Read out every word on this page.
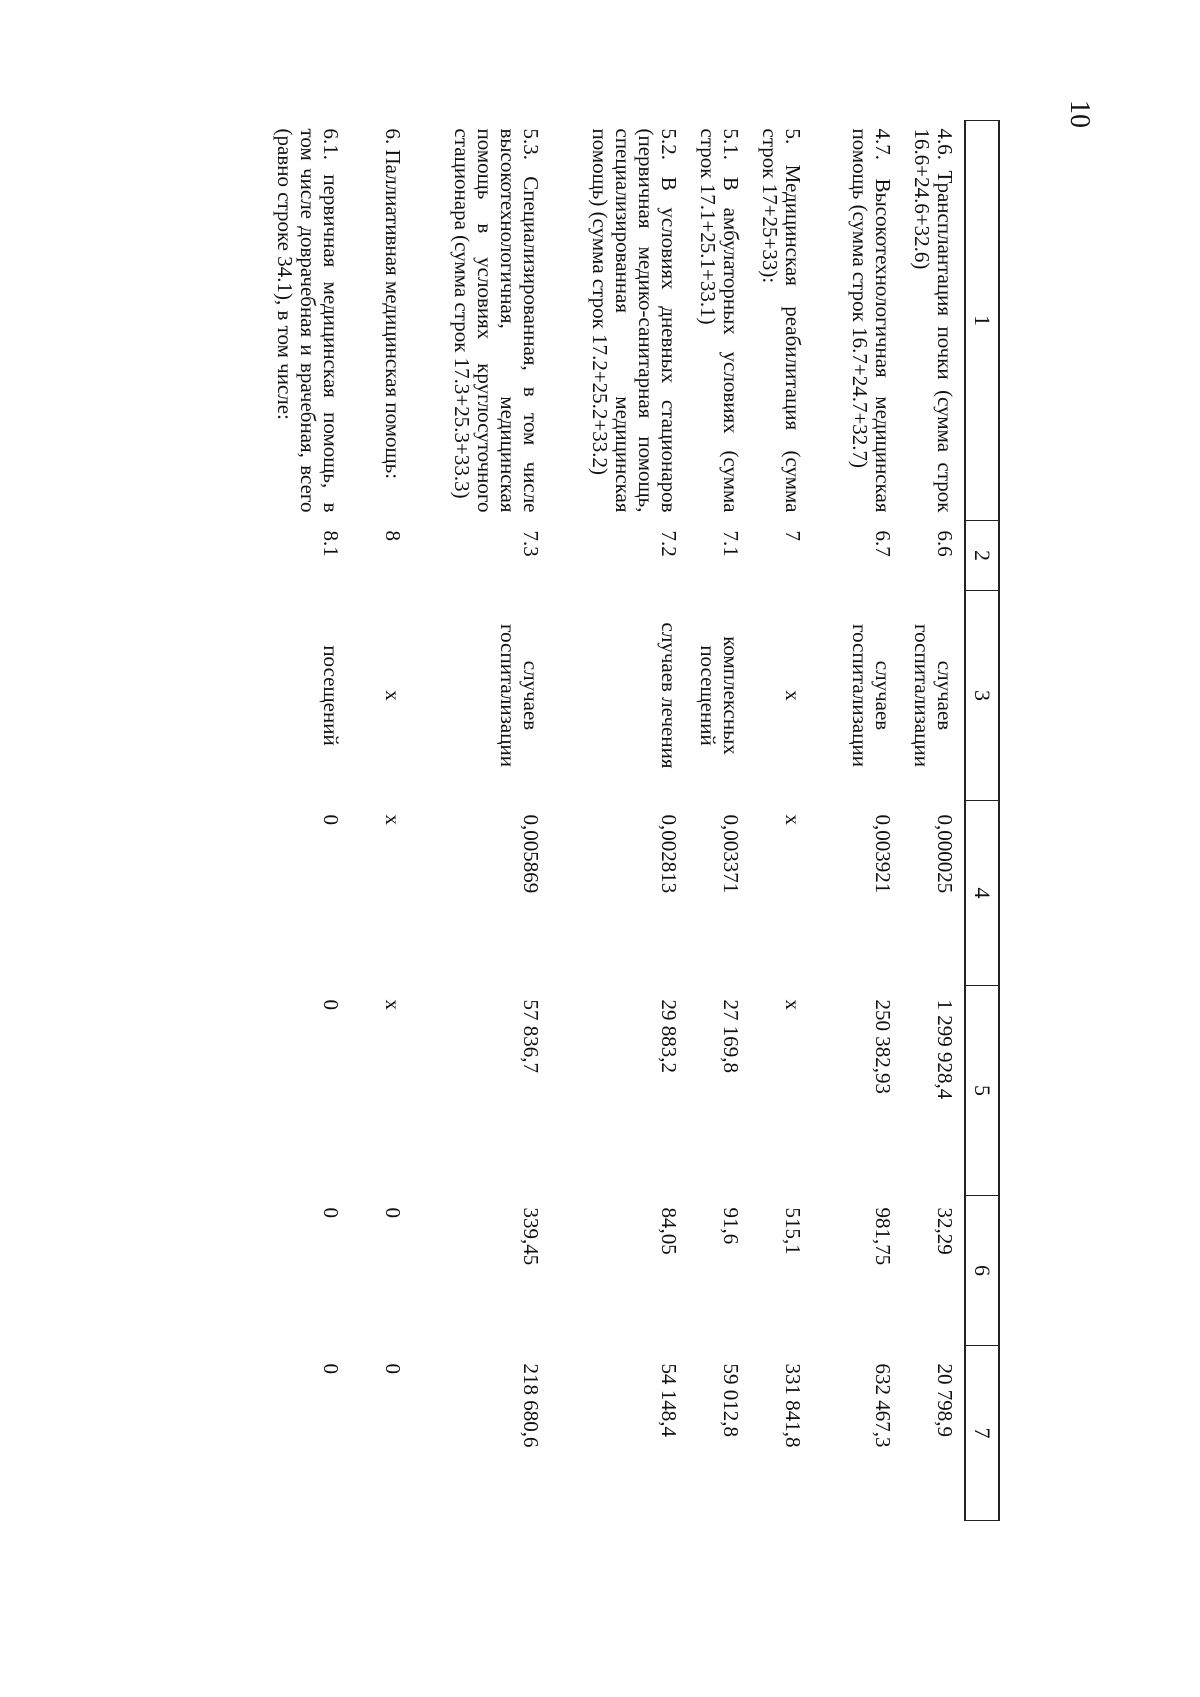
10
1	2	3	4	5	6	7
4.6. Трансплантация почки (сумма строк 16.6+24.6+32.6)	6.6	случаев госпитализации	0,000025	1 299 928,4	32,29	20 798,9
4.7. Высокотехнологичная медицинская помощь (сумма строк 16.7+24.7+32.7)	6.7	случаев госпитализации	0,003921	250 382,93	981,75	632 467,3
5. Медицинская реабилитация (сумма строк 17+25+33):	7	х	х	х	515,1	331 841,8
5.1. В амбулаторных условиях (сумма строк 17.1+25.1+33.1)	7.1	комплексных посещений	0,003371	27 169,8	91,6	59 012,8
5.2. В условиях дневных стационаров (первичная медико-санитарная помощь, специализированная медицинская помощь) (сумма строк 17.2+25.2+33.2)	7.2	случаев лечения	0,002813	29 883,2	84,05	54 148,4
5.3. Специализированная, в том числе высокотехнологичная, медицинская помощь в условиях круглосуточного стационара (сумма строк 17.3+25.3+33.3)	7.3	случаев госпитализации	0,005869	57 836,7	339,45	218 680,6
6. Паллиативная медицинская помощь:	8	х	х	х	0	0
6.1. первичная медицинская помощь, в том числе доврачебная и врачебная, всего (равно строке 34.1), в том числе:	8.1	посещений	0	0	0	0
